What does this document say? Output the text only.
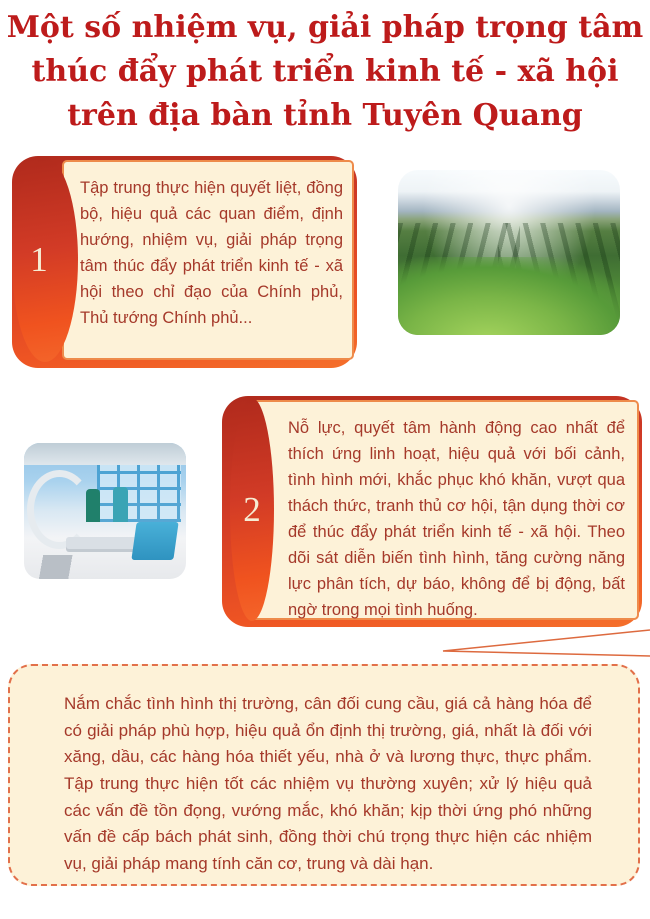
Một số nhiệm vụ, giải pháp trọng tâm
thúc đẩy phát triển kinh tế - xã hội
trên địa bàn tỉnh Tuyên Quang
Tập trung thực hiện quyết liệt, đồng bộ, hiệu quả các quan điểm, định hướng, nhiệm vụ, giải pháp trọng tâm thúc đẩy phát triển kinh tế - xã hội theo chỉ đạo của Chính phủ, Thủ tướng Chính phủ...
1
Nỗ lực, quyết tâm hành động cao nhất để thích ứng linh hoạt, hiệu quả với bối cảnh, tình hình mới, khắc phục khó khăn, vượt qua thách thức, tranh thủ cơ hội, tận dụng thời cơ để thúc đẩy phát triển kinh tế - xã hội. Theo dõi sát diễn biến tình hình, tăng cường năng lực phân tích, dự báo, không để bị động, bất ngờ trong mọi tình huống.
2
Nắm chắc tình hình thị trường, cân đối cung cầu, giá cả hàng hóa để có giải pháp phù hợp, hiệu quả ổn định thị trường, giá, nhất là đối với xăng, dầu, các hàng hóa thiết yếu, nhà ở và lương thực, thực phẩm. Tập trung thực hiện tốt các nhiệm vụ thường xuyên; xử lý hiệu quả các vấn đề tồn đọng, vướng mắc, khó khăn; kịp thời ứng phó những vấn đề cấp bách phát sinh, đồng thời chú trọng thực hiện các nhiệm vụ, giải pháp mang tính căn cơ, trung và dài hạn.
